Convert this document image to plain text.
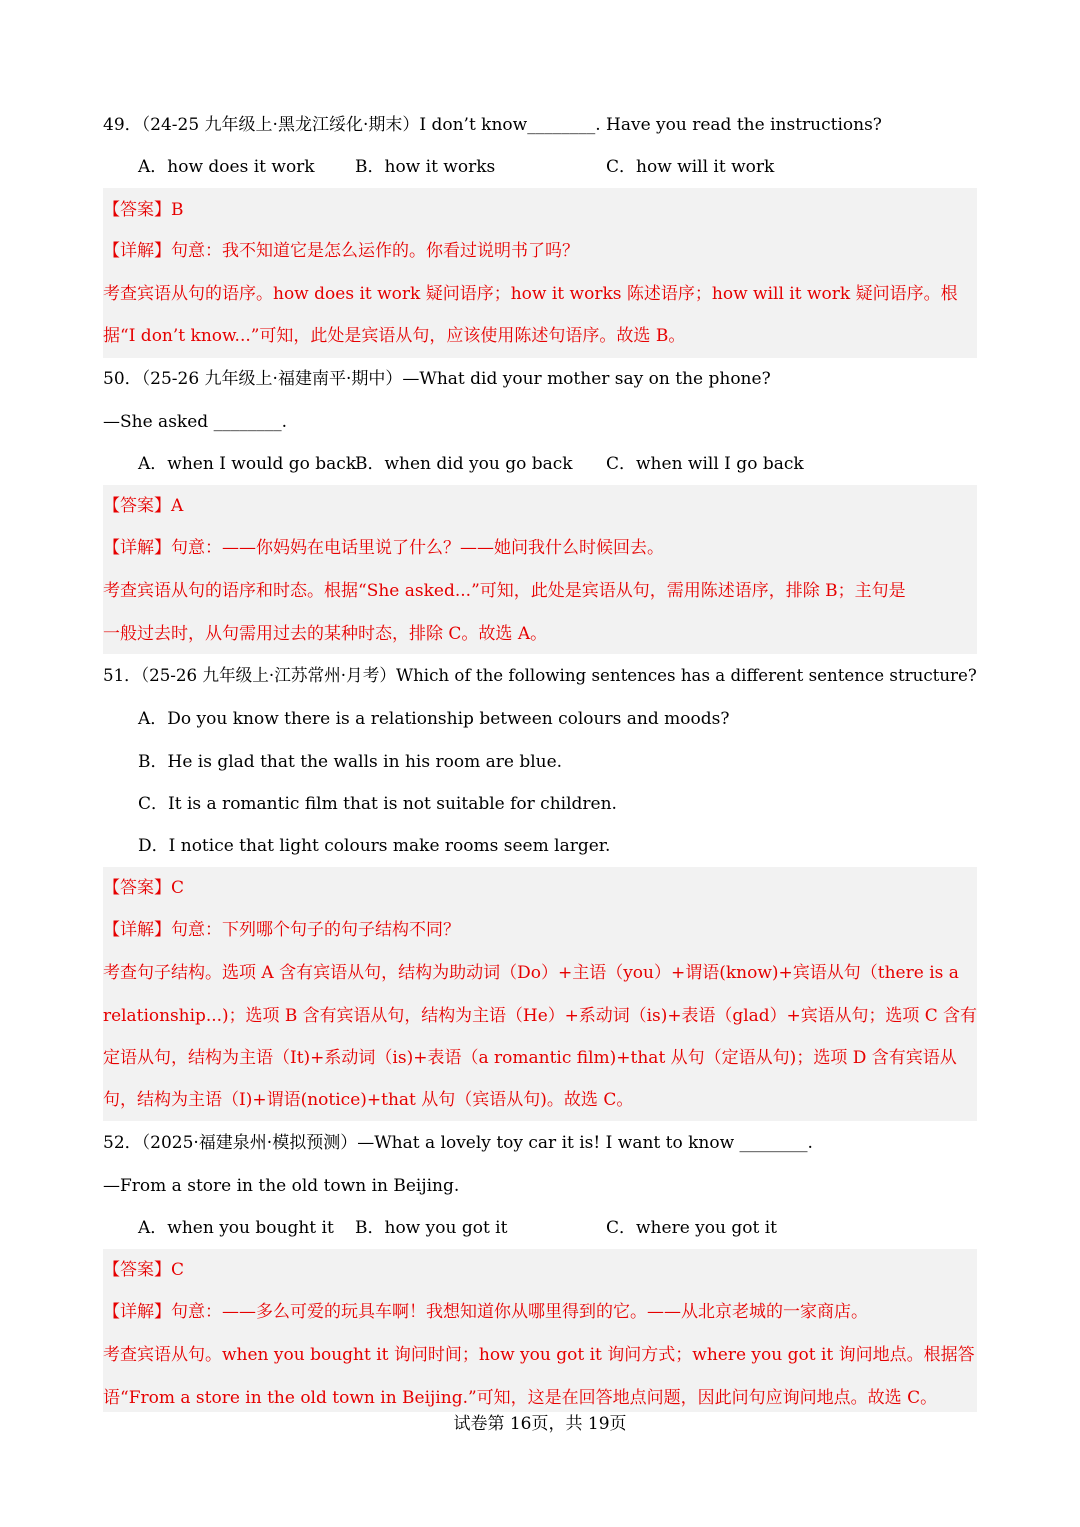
49．（24-25 九年级上·黑龙江绥化·期末）I don’t know________. Have you read the instructions?
A．how does it work B．how it works	C．how will it work
【答案】B
【详解】句意：我不知道它是怎么运作的。你看过说明书了吗？
考查宾语从句的语序。how does it work 疑问语序；how it works 陈述语序；how will it work 疑问语序。根
据“I don’t know...”可知，此处是宾语从句，应该使用陈述句语序。故选 B。
50．（25-26 九年级上·福建南平·期中）—What did your mother say on the phone?
—She asked ________.
A．when I would go back
B．when did you go back C．when will I go back
【答案】A
【详解】句意：——你妈妈在电话里说了什么？——她问我什么时候回去。
考查宾语从句的语序和时态。根据“She asked...”可知，此处是宾语从句，需用陈述语序，排除 B；主句是
一般过去时，从句需用过去的某种时态，排除 C。故选 A。
51．（25-26 九年级上·江苏常州·月考）Which of the following sentences has a different sentence structure?
A．Do you know there is a relationship between colours and moods?
B．He is glad that the walls in his room are blue.
C．It is a romantic film that is not suitable for children.
D．I notice that light colours make rooms seem larger.
【答案】C
【详解】句意：下列哪个句子的句子结构不同？
考查句子结构。选项 A 含有宾语从句，结构为助动词（Do）+主语（you）+谓语(know)+宾语从句（there is a
relationship...)；选项 B 含有宾语从句，结构为主语（He）+系动词（is)+表语（glad）+宾语从句；选项 C 含有
定语从句，结构为主语（It)+系动词（is)+表语（a romantic film)+that 从句（定语从句)；选项 D 含有宾语从
句，结构为主语（I)+谓语(notice)+that 从句（宾语从句)。故选 C。
52．（2025·福建泉州·模拟预测）—What a lovely toy car it is! I want to know ________.
—From a store in the old town in Beijing.
A．when you bought it B．how you got it	C．where you got it
【答案】C
【详解】句意：——多么可爱的玩具车啊！我想知道你从哪里得到的它。——从北京老城的一家商店。
考查宾语从句。when you bought it 询问时间；how you got it 询问方式；where you got it 询问地点。根据答
语“From a store in the old town in Beijing.”可知，这是在回答地点问题，因此问句应询问地点。故选 C。
试卷第 16页，共 19页
